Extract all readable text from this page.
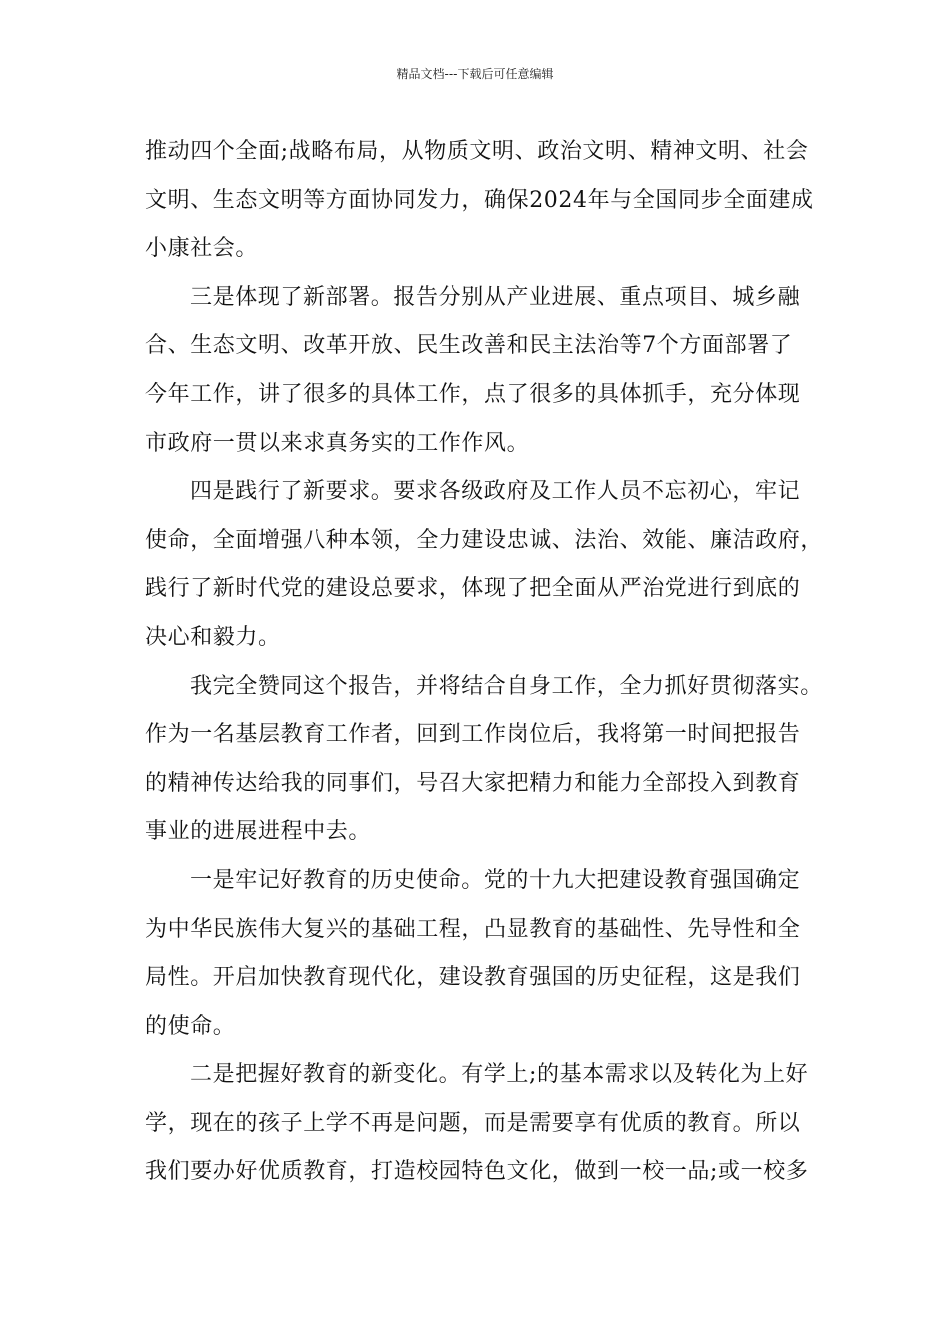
精品文档---下载后可任意编辑
推动四个全面;战略布局，从物质文明、政治文明、精神文明、社会
文明、生态文明等方面协同发力，确保2024年与全国同步全面建成
小康社会。
三是体现了新部署。报告分别从产业进展、重点项目、城乡融
合、生态文明、改革开放、民生改善和民主法治等7个方面部署了
今年工作，讲了很多的具体工作，点了很多的具体抓手，充分体现
市政府一贯以来求真务实的工作作风。
四是践行了新要求。要求各级政府及工作人员不忘初心，牢记
使命，全面增强八种本领，全力建设忠诚、法治、效能、廉洁政府，
践行了新时代党的建设总要求，体现了把全面从严治党进行到底的
决心和毅力。
我完全赞同这个报告，并将结合自身工作，全力抓好贯彻落实。
作为一名基层教育工作者，回到工作岗位后，我将第一时间把报告
的精神传达给我的同事们，号召大家把精力和能力全部投入到教育
事业的进展进程中去。
一是牢记好教育的历史使命。党的十九大把建设教育强国确定
为中华民族伟大复兴的基础工程，凸显教育的基础性、先导性和全
局性。开启加快教育现代化，建设教育强国的历史征程，这是我们
的使命。
二是把握好教育的新变化。有学上;的基本需求以及转化为上好
学，现在的孩子上学不再是问题，而是需要享有优质的教育。所以
我们要办好优质教育，打造校园特色文化，做到一校一品;或一校多
